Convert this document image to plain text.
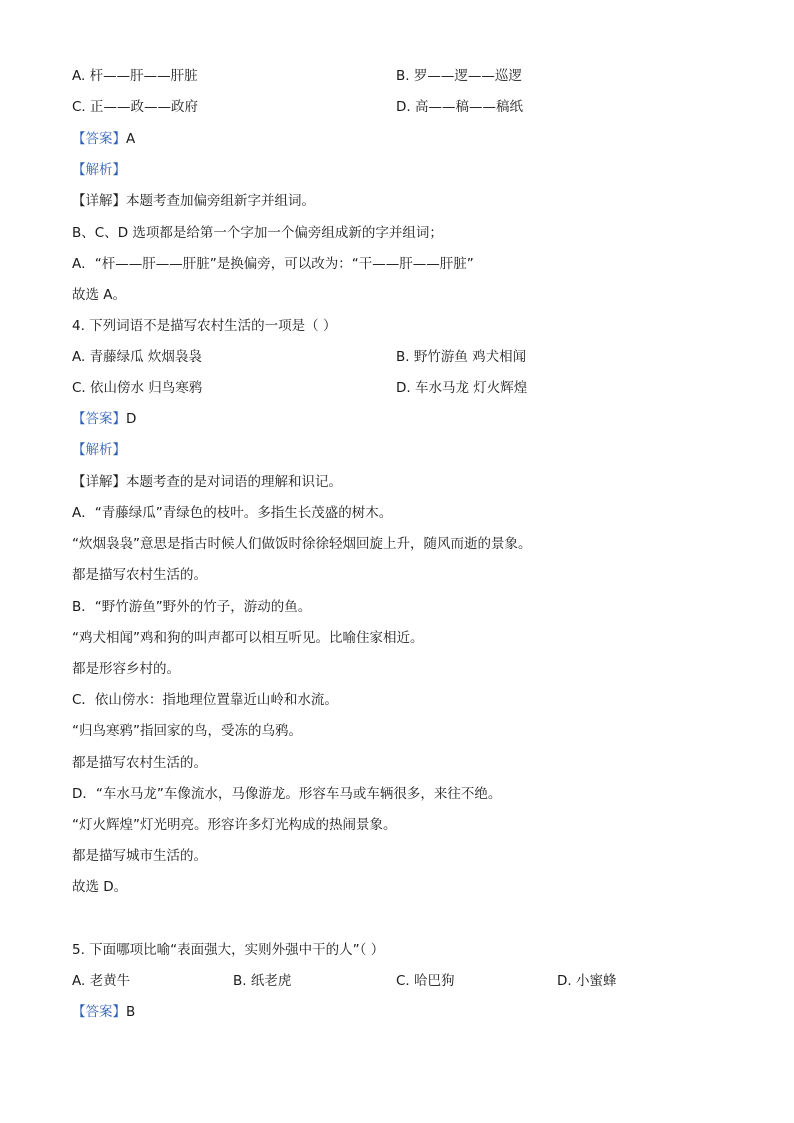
A. 杆——肝——肝脏	B. 罗——逻——巡逻
C. 正——政——政府	D. 高——稿——稿纸
【答案】A
【解析】
【详解】本题考查加偏旁组新字并组词。
B、C、D 选项都是给第一个字加一个偏旁组成新的字并组词；
A．“杆——肝——肝脏”是换偏旁，可以改为：“干——肝——肝脏”
故选 A。
4. 下列词语不是描写农村生活的一项是（ ）
A. 青藤绿瓜 炊烟袅袅	B. 野竹游鱼 鸡犬相闻
C. 依山傍水 归鸟寒鸦	D. 车水马龙 灯火辉煌
【答案】D
【解析】
【详解】本题考查的是对词语的理解和识记。
A．“青藤绿瓜”青绿色的枝叶。多指生长茂盛的树木。
“炊烟袅袅”意思是指古时候人们做饭时徐徐轻烟回旋上升，随风而逝的景象。
都是描写农村生活的。
B．“野竹游鱼”野外的竹子，游动的鱼。
“鸡犬相闻”鸡和狗的叫声都可以相互听见。比喻住家相近。
都是形容乡村的。
C．依山傍水：指地理位置靠近山岭和水流。
“归鸟寒鸦”指回家的鸟，受冻的乌鸦。
都是描写农村生活的。
D．“车水马龙”车像流水，马像游龙。形容车马或车辆很多，来往不绝。
“灯火辉煌”灯光明亮。形容许多灯光构成的热闹景象。
都是描写城市生活的。
故选 D。
5. 下面哪项比喻“表面强大，实则外强中干的人”（ ）
A. 老黄牛	B. 纸老虎	C. 哈巴狗	D. 小蜜蜂
【答案】B
